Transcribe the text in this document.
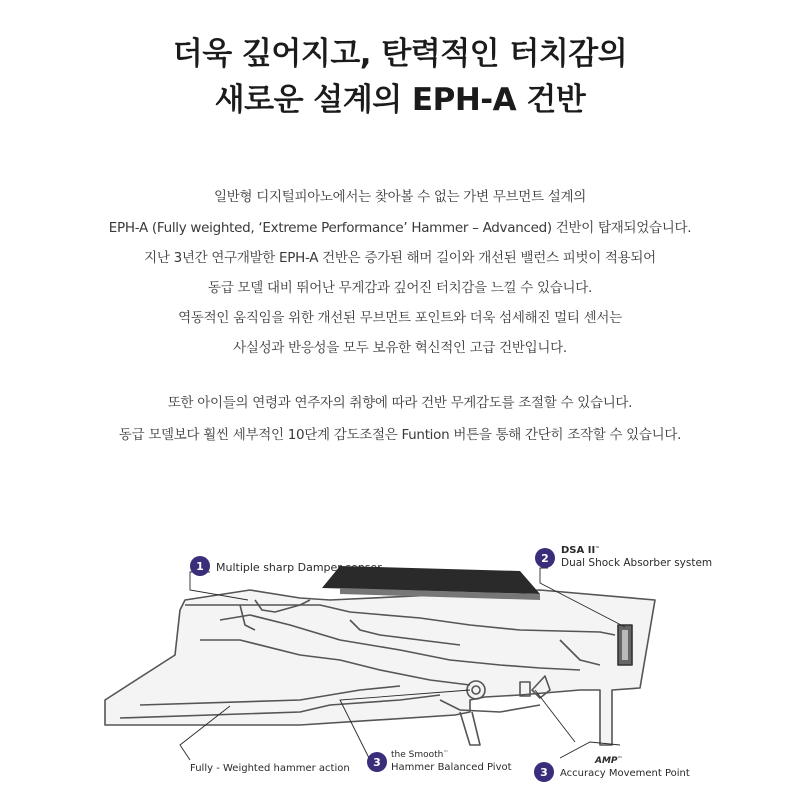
더욱 깊어지고, 탄력적인 터치감의
새로운 설계의 EPH-A 건반
일반형 디지털피아노에서는 찾아볼 수 없는 가변 무브먼트 설계의
EPH-A (Fully weighted, ‘Extreme Performance’ Hammer – Advanced) 건반이 탑재되었습니다.
지난 3년간 연구개발한 EPH-A 건반은 증가된 해머 길이와 개선된 밸런스 피벗이 적용되어
동급 모델 대비 뛰어난 무게감과 깊어진 터치감을 느낄 수 있습니다.
역동적인 움직임을 위한 개선된 무브먼트 포인트와 더욱 섬세해진 멀티 센서는
사실성과 반응성을 모두 보유한 혁신적인 고급 건반입니다.
또한 아이들의 연령과 연주자의 취향에 따라 건반 무게감도를 조절할 수 있습니다.
동급 모델보다 훨씬 세부적인 10단계 감도조절은 Funtion 버튼을 통해 간단히 조작할 수 있습니다.
1 Multiple sharp Damper sensor
2
DSA II™
Dual Shock Absorber system
3
the Smooth™
Hammer Balanced Pivot	3
AMP™
Accuracy Movement Point
Fully - Weighted hammer action
